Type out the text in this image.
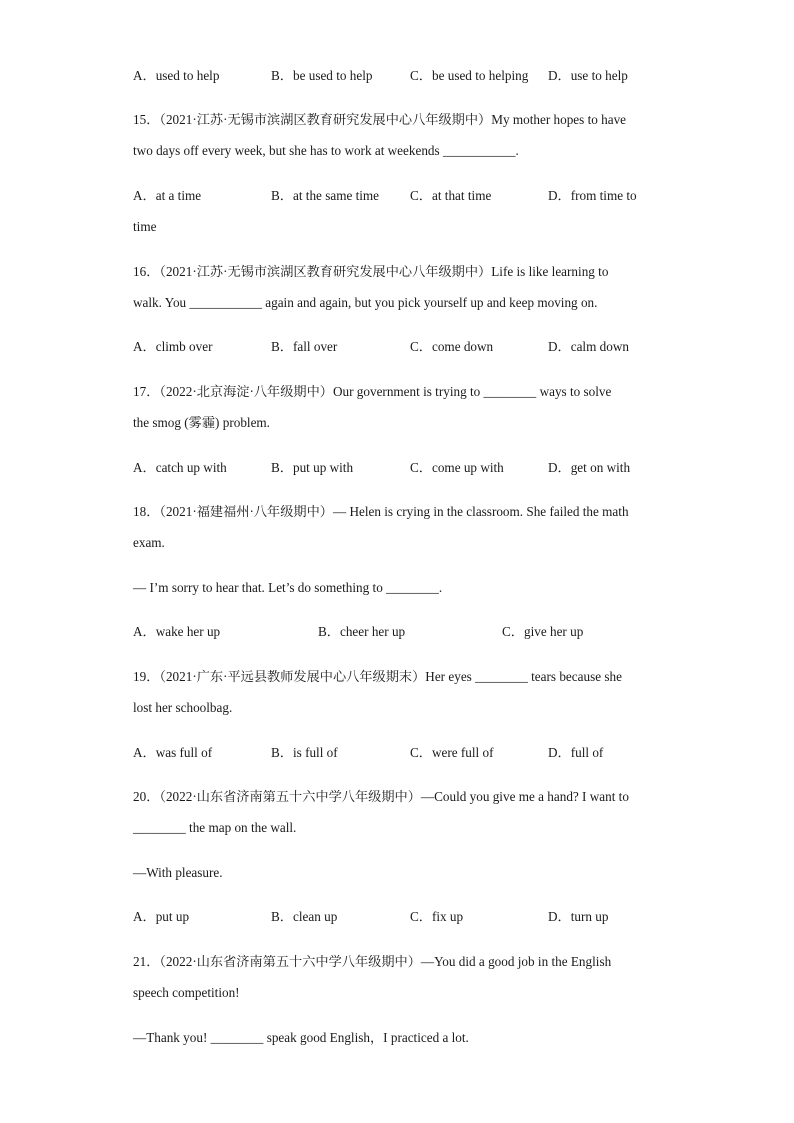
A．used to help	B．be used to help	C．be used to helping D．use to help
15．（2021·江苏·无锡市滨湖区教育研究发展中心八年级期中）My mother hopes to have
two days off every week, but she has to work at weekends ___________.
A．at a time	B．at the same time C．at that time	D．from time to
time
16．（2021·江苏·无锡市滨湖区教育研究发展中心八年级期中）Life is like learning to
walk. You ___________ again and again, but you pick yourself up and keep moving on.
A．climb over	B．fall over	C．come down	D．calm down
17．（2022·北京海淀·八年级期中）Our government is trying to ________ ways to solve
the smog (雾霾) problem.
A．catch up with	B．put up with	C．come up with	D．get on with
18．（2021·福建福州·八年级期中）— Helen is crying in the classroom. She failed the math
exam.
— I’m sorry to hear that. Let’s do something to ________.
A．wake her up	B．cheer her up	C．give her up
19．（2021·广东·平远县教师发展中心八年级期末）Her eyes ________ tears because she
lost her schoolbag.
A．was full of	B．is full of	C．were full of	D．full of
20．（2022·山东省济南第五十六中学八年级期中）—Could you give me a hand? I want to
________ the map on the wall.
—With pleasure.
A．put up	B．clean up	C．fix up	D．turn up
21．（2022·山东省济南第五十六中学八年级期中）—You did a good job in the English
speech competition!
—Thank you! ________ speak good English，I practiced a lot.
